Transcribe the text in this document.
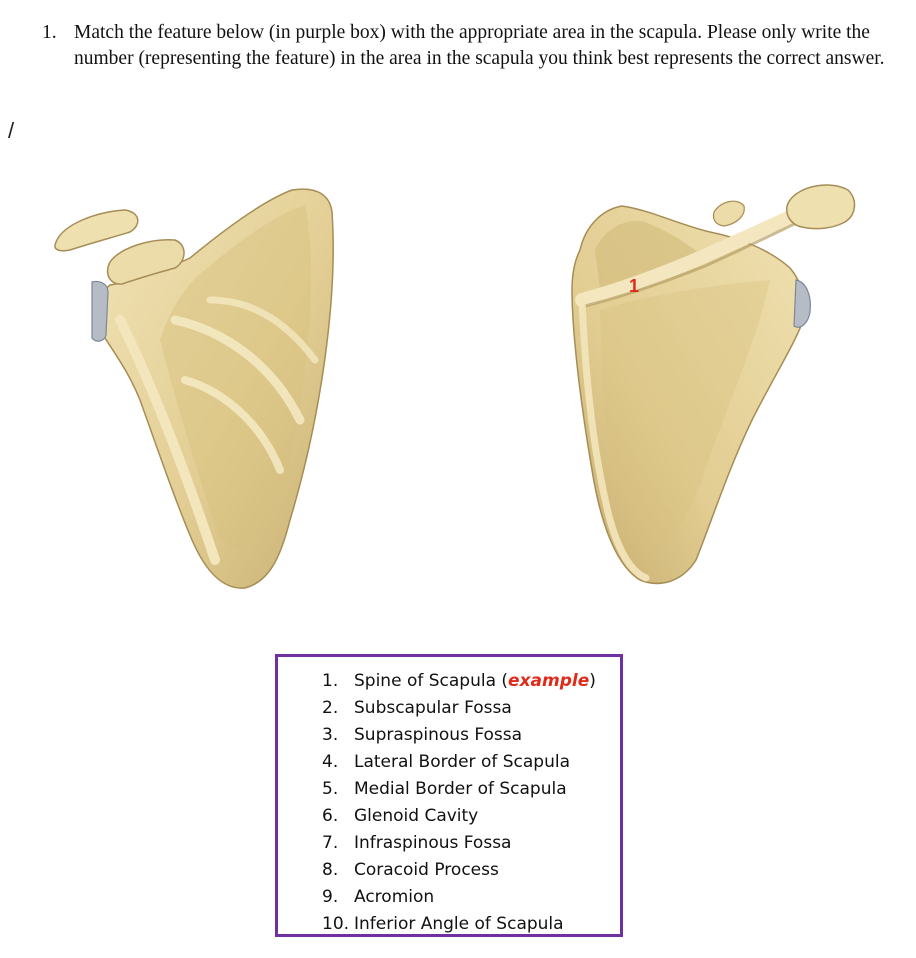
1. Match the feature below (in purple box) with the appropriate area in the scapula. Please only write the number (representing the feature) in the area in the scapula you think best represents the correct answer.
/
1
1. Spine of Scapula (example)
2. Subscapular Fossa
3. Supraspinous Fossa
4. Lateral Border of Scapula
5. Medial Border of Scapula
6. Glenoid Cavity
7. Infraspinous Fossa
8. Coracoid Process
9. Acromion
10. Inferior Angle of Scapula
